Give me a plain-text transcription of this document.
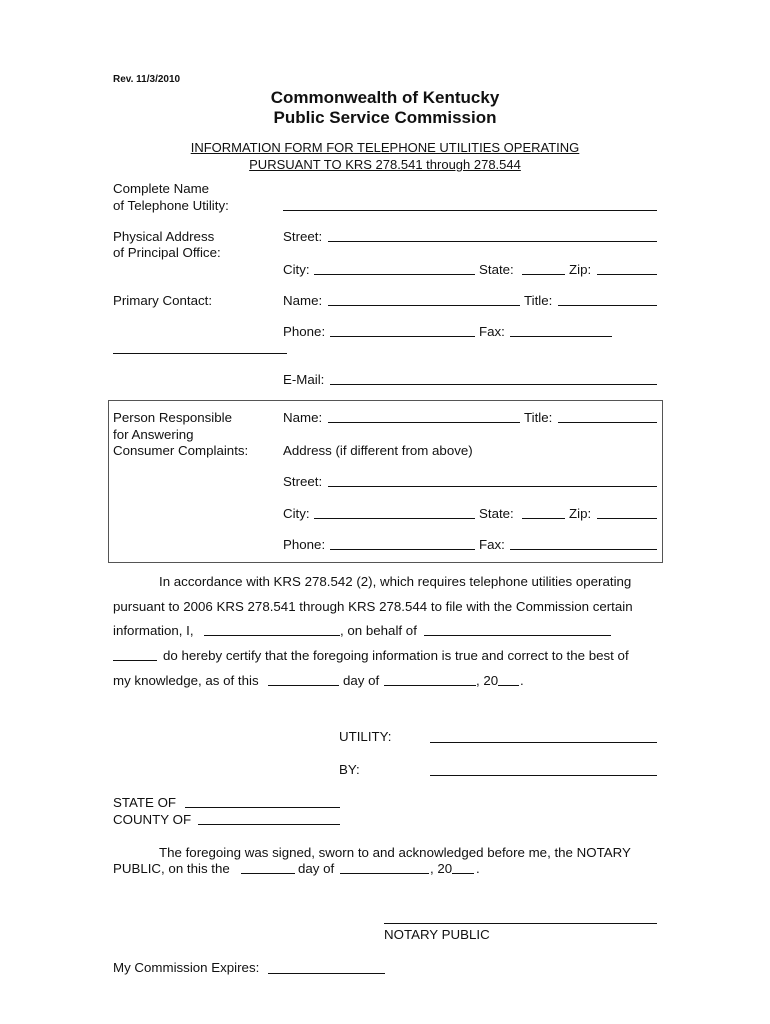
Rev. 11/3/2010
Commonwealth of Kentucky
Public Service Commission
INFORMATION FORM FOR TELEPHONE UTILITIES OPERATING
PURSUANT TO KRS 278.541 through 278.544
Complete Name
of Telephone Utility:
Physical Address
of Principal Office:
Street:
City:	State:	Zip:
Primary Contact:	Name:	Title:
Phone:	Fax:
E-Mail:
Person Responsible
for Answering
Consumer Complaints:
Name:	Title:
Address (if different from above)
Street:
City:	State:	Zip:
Phone:	Fax:
In accordance with KRS 278.542 (2), which requires telephone utilities operating
pursuant to 2006 KRS 278.541 through KRS 278.544 to file with the Commission certain
information, I,	, on behalf of
do hereby certify that the foregoing information is true and correct to the best of
my knowledge, as of this	day of	, 20 .
UTILITY:
BY:
STATE OF
COUNTY OF
The foregoing was signed, sworn to and acknowledged before me, the NOTARY
PUBLIC, on this the	day of	, 20 .
NOTARY PUBLIC
My Commission Expires:
